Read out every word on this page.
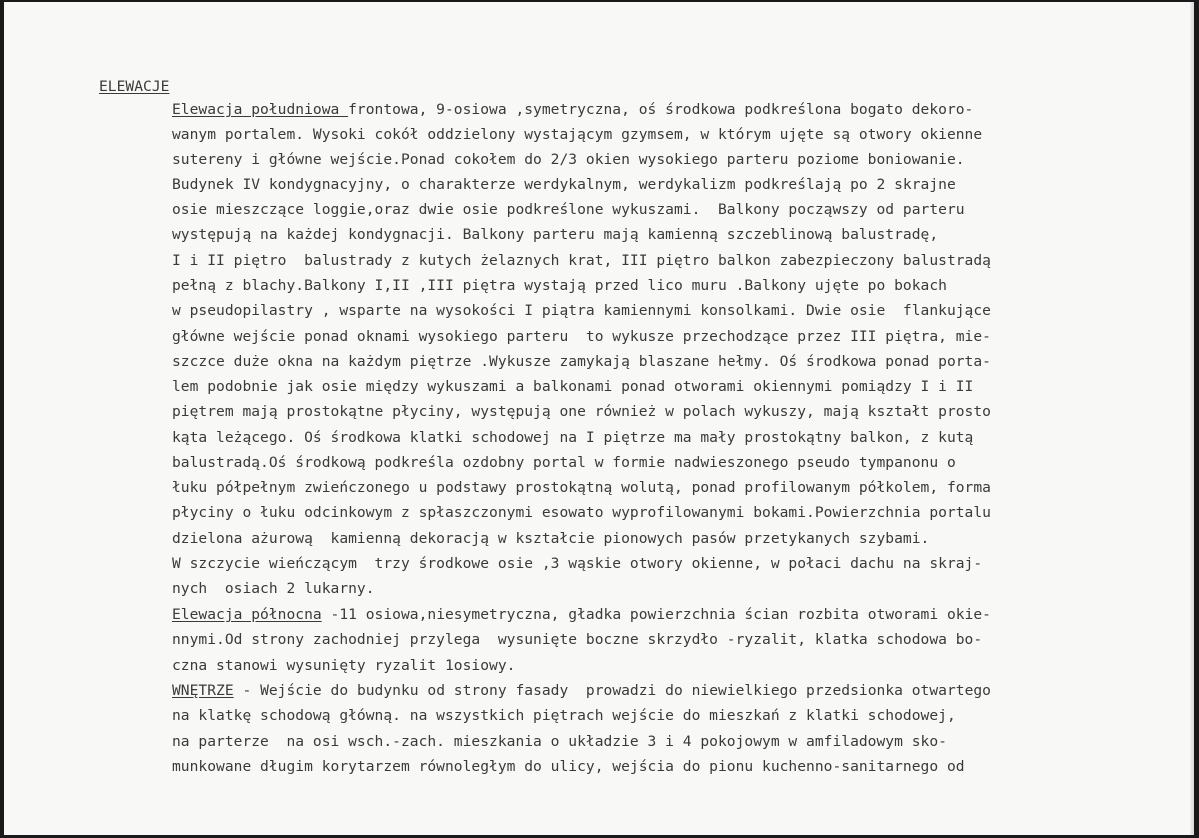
ELEWACJE
Elewacja południowa frontowa, 9-osiowa ,symetryczna, oś środkowa podkreślona bogato dekoro-
wanym portalem. Wysoki cokół oddzielony wystającym gzymsem, w którym ujęte są otwory okienne
sutereny i główne wejście.Ponad cokołem do 2/3 okien wysokiego parteru poziome boniowanie.
Budynek IV kondygnacyjny, o charakterze werdykalnym, werdykalizm podkreślają po 2 skrajne
osie mieszczące loggie,oraz dwie osie podkreślone wykuszami.  Balkony począwszy od parteru
występują na każdej kondygnacji. Balkony parteru mają kamienną szczeblinową balustradę,
I i II piętro  balustrady z kutych żelaznych krat, III piętro balkon zabezpieczony balustradą
pełną z blachy.Balkony I,II ,III piętra wystają przed lico muru .Balkony ujęte po bokach
w pseudopilastry , wsparte na wysokości I piątra kamiennymi konsolkami. Dwie osie  flankujące
główne wejście ponad oknami wysokiego parteru  to wykusze przechodzące przez III piętra, mie-
szczce duże okna na każdym piętrze .Wykusze zamykają blaszane hełmy. Oś środkowa ponad porta-
lem podobnie jak osie między wykuszami a balkonami ponad otworami okiennymi pomiądzy I i II
piętrem mają prostokątne płyciny, występują one również w polach wykuszy, mają kształt prosto
kąta leżącego. Oś środkowa klatki schodowej na I piętrze ma mały prostokątny balkon, z kutą
balustradą.Oś środkową podkreśla ozdobny portal w formie nadwieszonego pseudo tympanonu o
łuku półpełnym zwieńczonego u podstawy prostokątną wolutą, ponad profilowanym półkolem, forma
płyciny o łuku odcinkowym z spłaszczonymi esowato wyprofilowanymi bokami.Powierzchnia portalu
dzielona ażurową  kamienną dekoracją w kształcie pionowych pasów przetykanych szybami.
W szczycie wieńczącym  trzy środkowe osie ,3 wąskie otwory okienne, w połaci dachu na skraj-
nych  osiach 2 lukarny.
Elewacja północna -11 osiowa,niesymetryczna, gładka powierzchnia ścian rozbita otworami okie-
nnymi.Od strony zachodniej przylega  wysunięte boczne skrzydło -ryzalit, klatka schodowa bo-
czna stanowi wysunięty ryzalit 1osiowy.
WNĘTRZE - Wejście do budynku od strony fasady  prowadzi do niewielkiego przedsionka otwartego
na klatkę schodową główną. na wszystkich piętrach wejście do mieszkań z klatki schodowej,
na parterze  na osi wsch.-zach. mieszkania o układzie 3 i 4 pokojowym w amfiladowym sko-
munkowane długim korytarzem równoległym do ulicy, wejścia do pionu kuchenno-sanitarnego od
